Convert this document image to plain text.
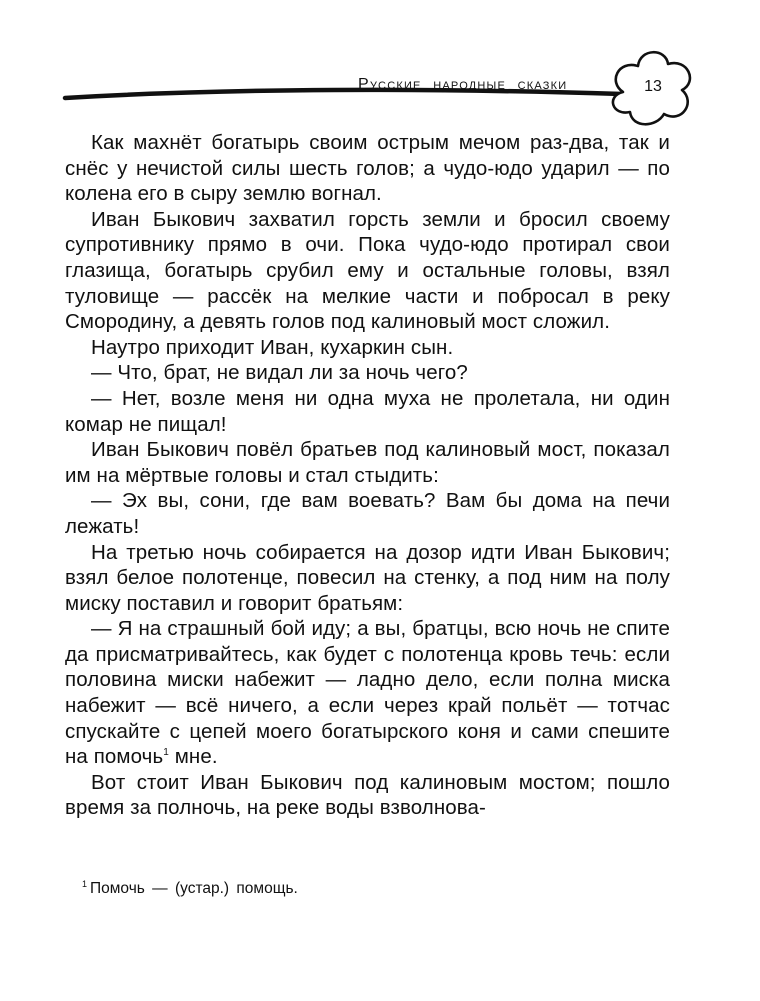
Русские народные сказки	13

Как махнёт богатырь своим острым мечом раз-два, так и снёс у нечистой силы шесть голов; а чудо-юдо ударил — по колена его в сыру землю вогнал.

Иван Быкович захватил горсть земли и бросил своему супротивнику прямо в очи. Пока чудо-юдо протирал свои глазища, богатырь срубил ему и остальные головы, взял туловище — рассёк на мелкие части и побросал в реку Смородину, а девять голов под калиновый мост сложил.

Наутро приходит Иван, кухаркин сын.

— Что, брат, не видал ли за ночь чего?

— Нет, возле меня ни одна муха не пролетала, ни один комар не пищал!

Иван Быкович повёл братьев под калиновый мост, показал им на мёртвые головы и стал стыдить:

— Эх вы, сони, где вам воевать? Вам бы дома на печи лежать!

На третью ночь собирается на дозор идти Иван Быкович; взял белое полотенце, повесил на стенку, а под ним на полу миску поставил и говорит братьям:

— Я на страшный бой иду; а вы, братцы, всю ночь не спите да присматривайтесь, как будет с полотенца кровь течь: если половина миски набежит — ладно дело, если полна миска набежит — всё ничего, а если через край польёт — тотчас спускайте с цепей моего богатырского коня и сами спешите на помочь$^1$ мне.

Вот стоит Иван Быкович под калиновым мостом; пошло время за полночь, на реке воды взволнова-

$^1$ Помочь — (устар.) помощь.
